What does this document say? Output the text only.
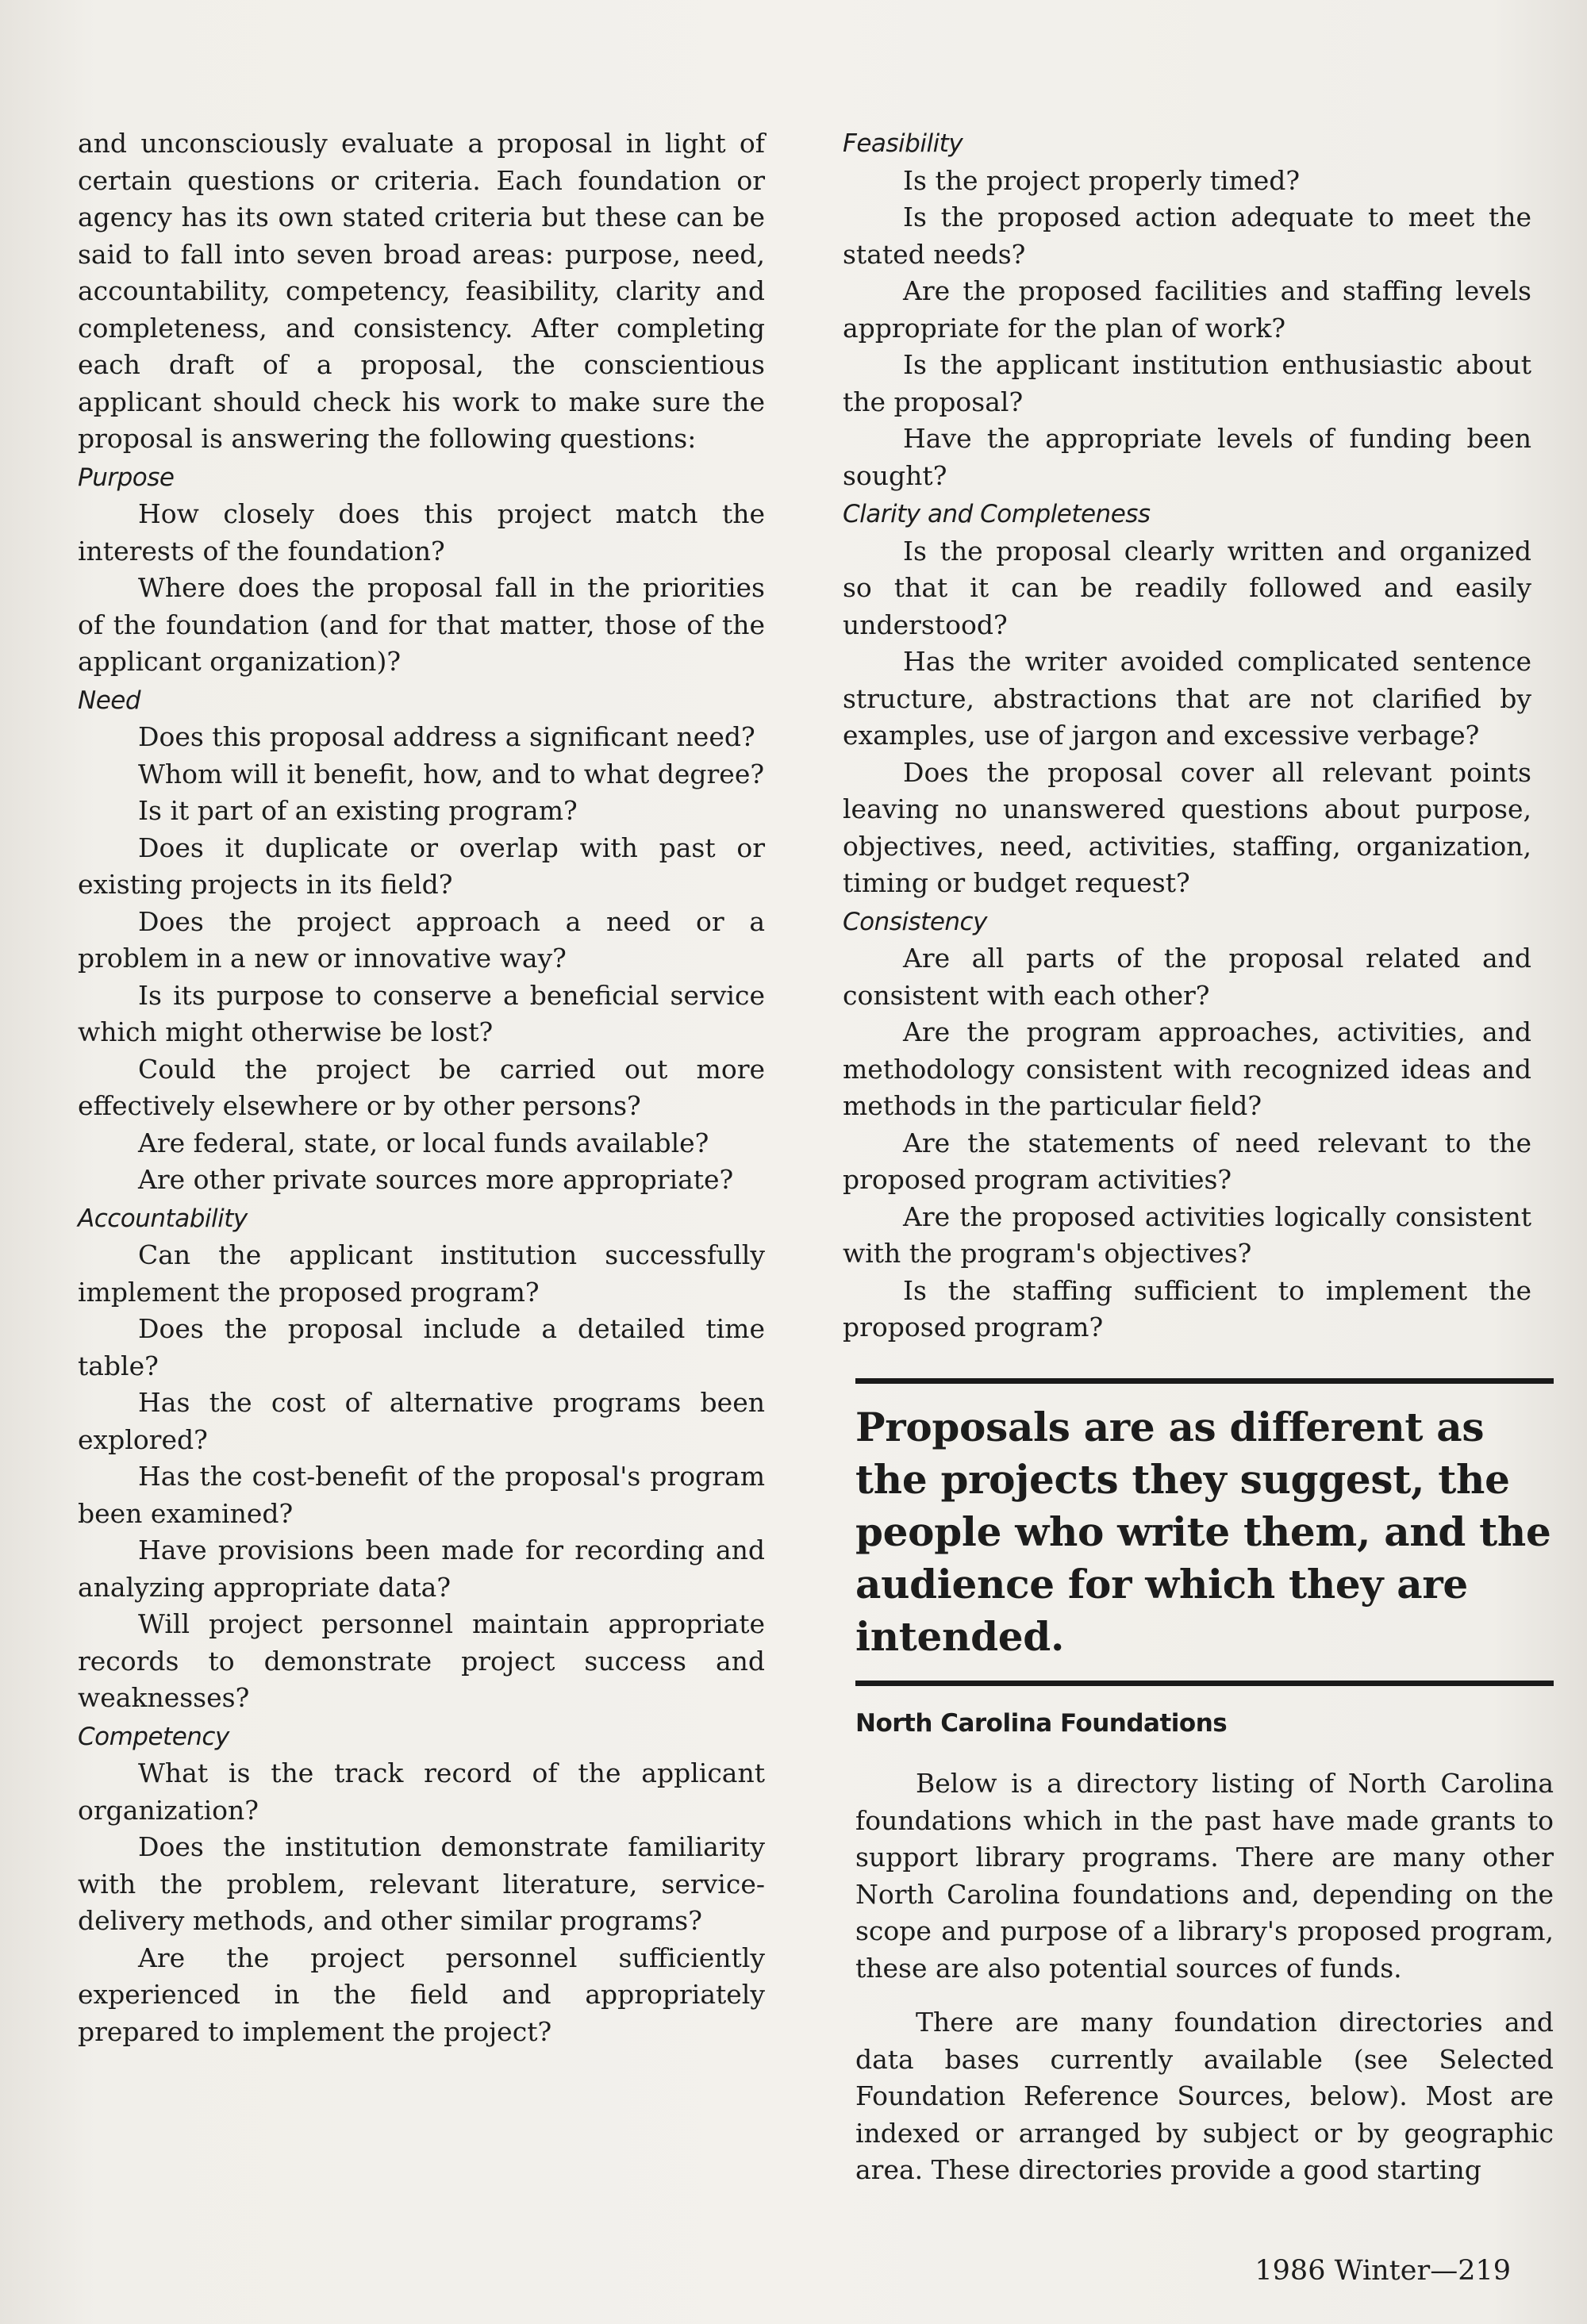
and unconsciously evaluate a proposal in light of certain questions or criteria. Each foundation or agency has its own stated criteria but these can be said to fall into seven broad areas: purpose, need, accountability, competency, feasibility, clarity and completeness, and consistency. After completing each draft of a proposal, the conscientious applicant should check his work to make sure the proposal is answering the following questions:

Purpose

How closely does this project match the interests of the foundation?

Where does the proposal fall in the priorities of the foundation (and for that matter, those of the applicant organization)?

Need

Does this proposal address a significant need?

Whom will it benefit, how, and to what degree?

Is it part of an existing program?

Does it duplicate or overlap with past or existing projects in its field?

Does the project approach a need or a problem in a new or innovative way?

Is its purpose to conserve a beneficial service which might otherwise be lost?

Could the project be carried out more effectively elsewhere or by other persons?

Are federal, state, or local funds available?

Are other private sources more appropriate?

Accountability

Can the applicant institution successfully implement the proposed program?

Does the proposal include a detailed time table?

Has the cost of alternative programs been explored?

Has the cost-benefit of the proposal's program been examined?

Have provisions been made for recording and analyzing appropriate data?

Will project personnel maintain appropriate records to demonstrate project success and weaknesses?

Competency

What is the track record of the applicant organization?

Does the institution demonstrate familiarity with the problem, relevant literature, service-delivery methods, and other similar programs?

Are the project personnel sufficiently experienced in the field and appropriately prepared to implement the project?

Feasibility

Is the project properly timed?

Is the proposed action adequate to meet the stated needs?

Are the proposed facilities and staffing levels appropriate for the plan of work?

Is the applicant institution enthusiastic about the proposal?

Have the appropriate levels of funding been sought?

Clarity and Completeness

Is the proposal clearly written and organized so that it can be readily followed and easily understood?

Has the writer avoided complicated sentence structure, abstractions that are not clarified by examples, use of jargon and excessive verbage?

Does the proposal cover all relevant points leaving no unanswered questions about purpose, objectives, need, activities, staffing, organization, timing or budget request?

Consistency

Are all parts of the proposal related and consistent with each other?

Are the program approaches, activities, and methodology consistent with recognized ideas and methods in the particular field?

Are the statements of need relevant to the proposed program activities?

Are the proposed activities logically consistent with the program's objectives?

Is the staffing sufficient to implement the proposed program?

Proposals are as different as the projects they suggest, the people who write them, and the audience for which they are intended.
North Carolina Foundations

Below is a directory listing of North Carolina foundations which in the past have made grants to support library programs. There are many other North Carolina foundations and, depending on the scope and purpose of a library's proposed program, these are also potential sources of funds.

There are many foundation directories and data bases currently available (see Selected Foundation Reference Sources, below). Most are indexed or arranged by subject or by geographic area. These directories provide a good starting

1986 Winter—219
